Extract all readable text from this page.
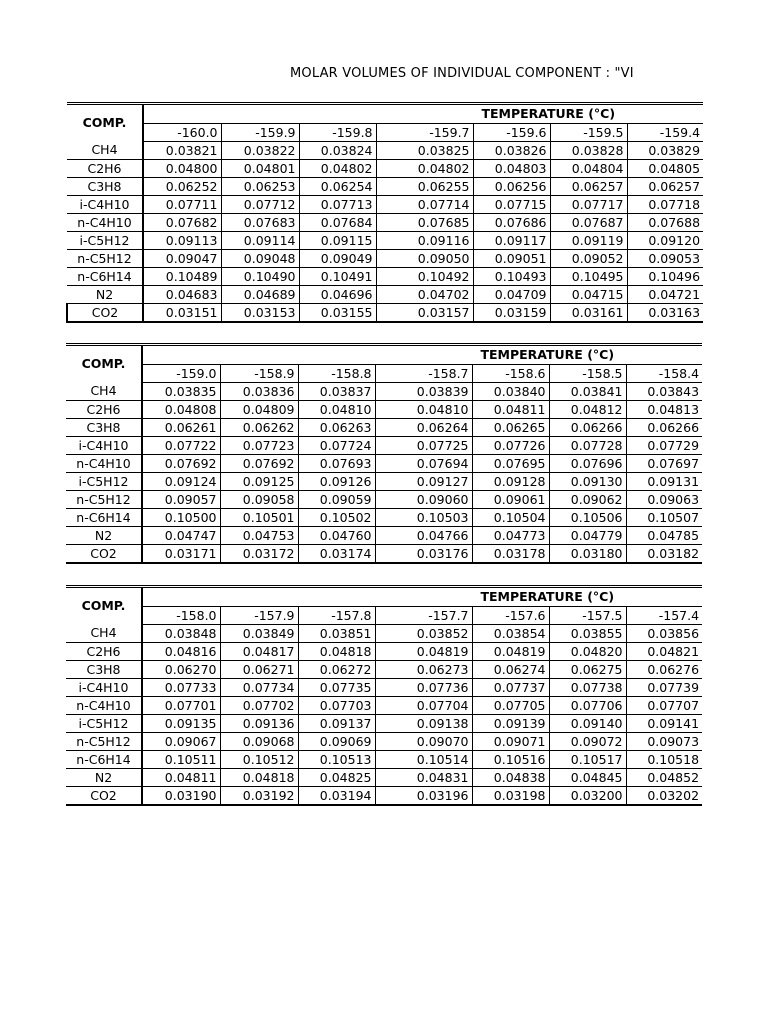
MOLAR VOLUMES OF INDIVIDUAL COMPONENT : "VI
COMP.	TEMPERATURE (°C)						
	-160.0	-159.9	-159.8	-159.7	-159.6	-159.5	-159.4
CH4	0.03821	0.03822	0.03824	0.03825	0.03826	0.03828	0.03829
C2H6	0.04800	0.04801	0.04802	0.04802	0.04803	0.04804	0.04805
C3H8	0.06252	0.06253	0.06254	0.06255	0.06256	0.06257	0.06257
i-C4H10	0.07711	0.07712	0.07713	0.07714	0.07715	0.07717	0.07718
n-C4H10	0.07682	0.07683	0.07684	0.07685	0.07686	0.07687	0.07688
i-C5H12	0.09113	0.09114	0.09115	0.09116	0.09117	0.09119	0.09120
n-C5H12	0.09047	0.09048	0.09049	0.09050	0.09051	0.09052	0.09053
n-C6H14	0.10489	0.10490	0.10491	0.10492	0.10493	0.10495	0.10496
N2	0.04683	0.04689	0.04696	0.04702	0.04709	0.04715	0.04721
CO2	0.03151	0.03153	0.03155	0.03157	0.03159	0.03161	0.03163
COMP.	TEMPERATURE (°C)						
	-159.0	-158.9	-158.8	-158.7	-158.6	-158.5	-158.4
CH4	0.03835	0.03836	0.03837	0.03839	0.03840	0.03841	0.03843
C2H6	0.04808	0.04809	0.04810	0.04810	0.04811	0.04812	0.04813
C3H8	0.06261	0.06262	0.06263	0.06264	0.06265	0.06266	0.06266
i-C4H10	0.07722	0.07723	0.07724	0.07725	0.07726	0.07728	0.07729
n-C4H10	0.07692	0.07692	0.07693	0.07694	0.07695	0.07696	0.07697
i-C5H12	0.09124	0.09125	0.09126	0.09127	0.09128	0.09130	0.09131
n-C5H12	0.09057	0.09058	0.09059	0.09060	0.09061	0.09062	0.09063
n-C6H14	0.10500	0.10501	0.10502	0.10503	0.10504	0.10506	0.10507
N2	0.04747	0.04753	0.04760	0.04766	0.04773	0.04779	0.04785
CO2	0.03171	0.03172	0.03174	0.03176	0.03178	0.03180	0.03182
COMP.	TEMPERATURE (°C)						
	-158.0	-157.9	-157.8	-157.7	-157.6	-157.5	-157.4
CH4	0.03848	0.03849	0.03851	0.03852	0.03854	0.03855	0.03856
C2H6	0.04816	0.04817	0.04818	0.04819	0.04819	0.04820	0.04821
C3H8	0.06270	0.06271	0.06272	0.06273	0.06274	0.06275	0.06276
i-C4H10	0.07733	0.07734	0.07735	0.07736	0.07737	0.07738	0.07739
n-C4H10	0.07701	0.07702	0.07703	0.07704	0.07705	0.07706	0.07707
i-C5H12	0.09135	0.09136	0.09137	0.09138	0.09139	0.09140	0.09141
n-C5H12	0.09067	0.09068	0.09069	0.09070	0.09071	0.09072	0.09073
n-C6H14	0.10511	0.10512	0.10513	0.10514	0.10516	0.10517	0.10518
N2	0.04811	0.04818	0.04825	0.04831	0.04838	0.04845	0.04852
CO2	0.03190	0.03192	0.03194	0.03196	0.03198	0.03200	0.03202
